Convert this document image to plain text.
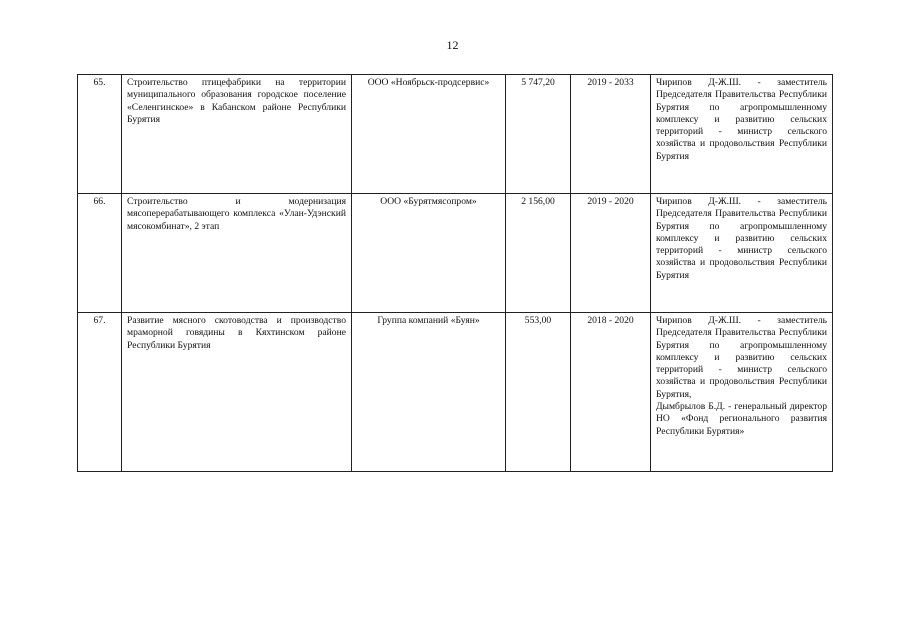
12
65.	Строительство птицефабрики на территории муниципального образования городское поселение «Селенгинское» в Кабанском районе Республики Бурятия	ООО «Ноябрьск-продсервис»	5 747,20	2019 - 2033	Чирипов Д-Ж.Ш. - заместитель Председателя Правительства Республики Бурятия по агропромышленному комплексу и развитию сельских территорий - министр сельского хозяйства и продовольствия Республики Бурятия

66.	Строительство и модернизация мясоперерабатывающего комплекса «Улан-Удэнский мясокомбинат», 2 этап	ООО «Бурятмясопром»	2 156,00	2019 - 2020	Чирипов Д-Ж.Ш. - заместитель Председателя Правительства Республики Бурятия по агропромышленному комплексу и развитию сельских территорий - министр сельского хозяйства и продовольствия Республики Бурятия

67.	Развитие мясного скотоводства и производство мраморной говядины в Кяхтинском районе Республики Бурятия	Группа компаний «Буян»	553,00	2018 - 2020	Чирипов Д-Ж.Ш. - заместитель Председателя Правительства Республики Бурятия по агропромышленному комплексу и развитию сельских территорий - министр сельского хозяйства и продовольствия Республики Бурятия,
Дымбрылов Б.Д. - генеральный директор НО «Фонд регионального развития Республики Бурятия»
